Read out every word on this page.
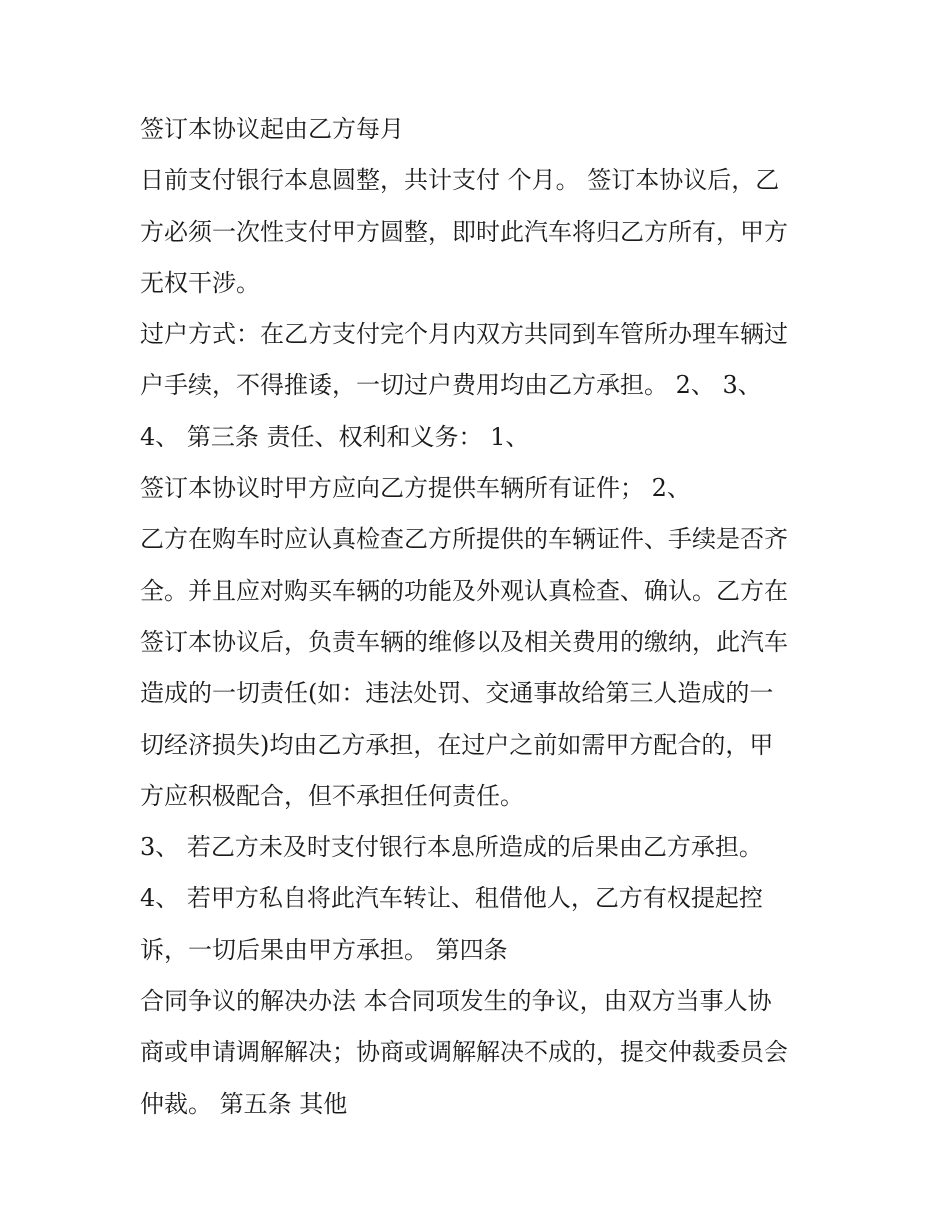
签订本协议起由乙方每月
日前支付银行本息圆整，共计支付 个月。 签订本协议后，乙
方必须一次性支付甲方圆整，即时此汽车将归乙方所有，甲方
无权干涉。
过户方式：在乙方支付完个月内双方共同到车管所办理车辆过
户手续，不得推诿，一切过户费用均由乙方承担。 2、 3、
4、 第三条 责任、权利和义务： 1、
签订本协议时甲方应向乙方提供车辆所有证件； 2、
乙方在购车时应认真检查乙方所提供的车辆证件、手续是否齐
全。并且应对购买车辆的功能及外观认真检查、确认。乙方在
签订本协议后，负责车辆的维修以及相关费用的缴纳，此汽车
造成的一切责任(如：违法处罚、交通事故给第三人造成的一
切经济损失)均由乙方承担，在过户之前如需甲方配合的，甲
方应积极配合，但不承担任何责任。
3、 若乙方未及时支付银行本息所造成的后果由乙方承担。
4、 若甲方私自将此汽车转让、租借他人，乙方有权提起控
诉，一切后果由甲方承担。 第四条
合同争议的解决办法 本合同项发生的争议，由双方当事人协
商或申请调解解决；协商或调解解决不成的，提交仲裁委员会
仲裁。 第五条 其他
